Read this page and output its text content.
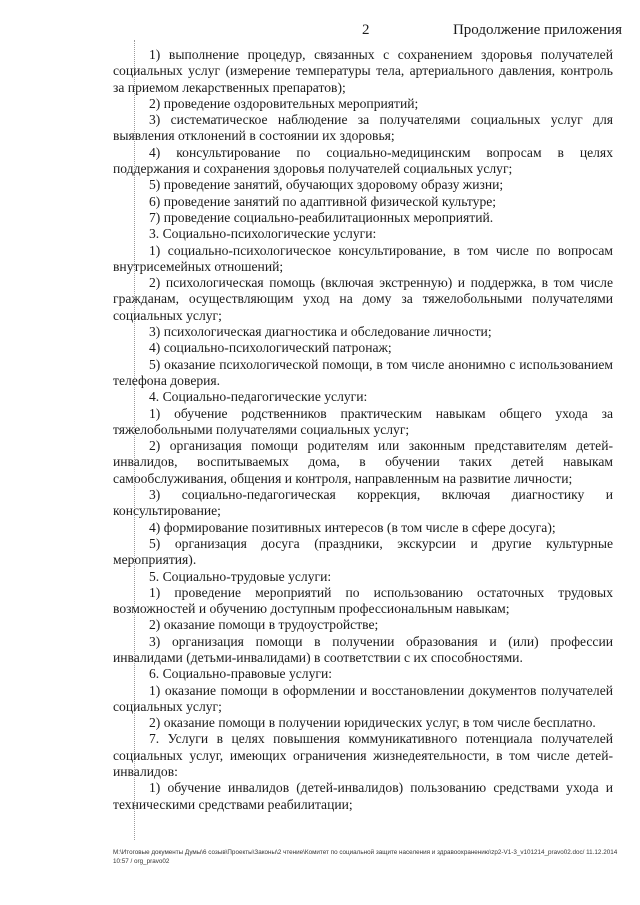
2	Продолжение приложения

1) выполнение процедур, связанных с сохранением здоровья получателей социальных услуг (измерение температуры тела, артериального давления, контроль за приемом лекарственных препаратов);

2) проведение оздоровительных мероприятий;

3) систематическое наблюдение за получателями социальных услуг для выявления отклонений в состоянии их здоровья;

4) консультирование по социально-медицинским вопросам в целях поддержания и сохранения здоровья получателей социальных услуг;

5) проведение занятий, обучающих здоровому образу жизни;

6) проведение занятий по адаптивной физической культуре;

7) проведение социально-реабилитационных мероприятий.

3. Социально-психологические услуги:

1) социально-психологическое консультирование, в том числе по вопросам внутрисемейных отношений;

2) психологическая помощь (включая экстренную) и поддержка, в том числе гражданам, осуществляющим уход на дому за тяжелобольными получателями социальных услуг;

3) психологическая диагностика и обследование личности;

4) социально-психологический патронаж;

5) оказание психологической помощи, в том числе анонимно с использованием телефона доверия.

4. Социально-педагогические услуги:

1) обучение родственников практическим навыкам общего ухода за тяжелобольными получателями социальных услуг;

2) организация помощи родителям или законным представителям детей-инвалидов, воспитываемых дома, в обучении таких детей навыкам самообслуживания, общения и контроля, направленным на развитие личности;

3) социально-педагогическая коррекция, включая диагностику и консультирование;

4) формирование позитивных интересов (в том числе в сфере досуга);

5) организация досуга (праздники, экскурсии и другие культурные мероприятия).

5. Социально-трудовые услуги:

1) проведение мероприятий по использованию остаточных трудовых возможностей и обучению доступным профессиональным навыкам;

2) оказание помощи в трудоустройстве;

3) организация помощи в получении образования и (или) профессии инвалидами (детьми-инвалидами) в соответствии с их способностями.

6. Социально-правовые услуги:

1) оказание помощи в оформлении и восстановлении документов получателей социальных услуг;

2) оказание помощи в получении юридических услуг, в том числе бесплатно.

7. Услуги в целях повышения коммуникативного потенциала получателей социальных услуг, имеющих ограничения жизнедеятельности, в том числе детей-инвалидов:

1) обучение инвалидов (детей-инвалидов) пользованию средствами ухода и техническими средствами реабилитации;

М:\Итоговые документы Думы\6 созыв\Проекты\Законы\2 чтение\Комитет по социальной защите населения и здравоохранению\zp2-V1-3_v101214_pravo02.doc/ 11.12.2014 10:57 / org_pravo02
